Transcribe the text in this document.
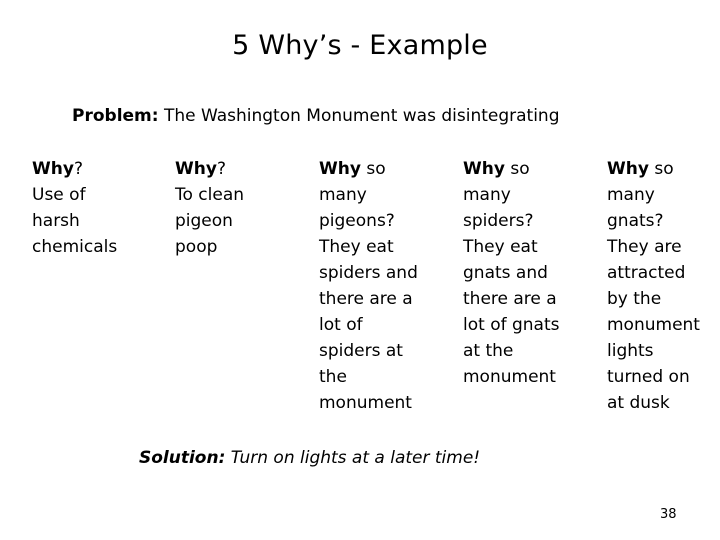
5 Why’s - Example
Problem: The Washington Monument was disintegrating
Why?
Use of
harsh
chemicals
Why?
To clean
pigeon
poop
Why so
many
pigeons?
They eat
spiders and
there are a
lot of
spiders at
the
monument
Why so
many
spiders?
They eat
gnats and
there are a
lot of gnats
at the
monument
Why so
many
gnats?
They are
attracted
by the
monument
lights
turned on
at dusk
Solution: Turn on lights at a later time!
38
